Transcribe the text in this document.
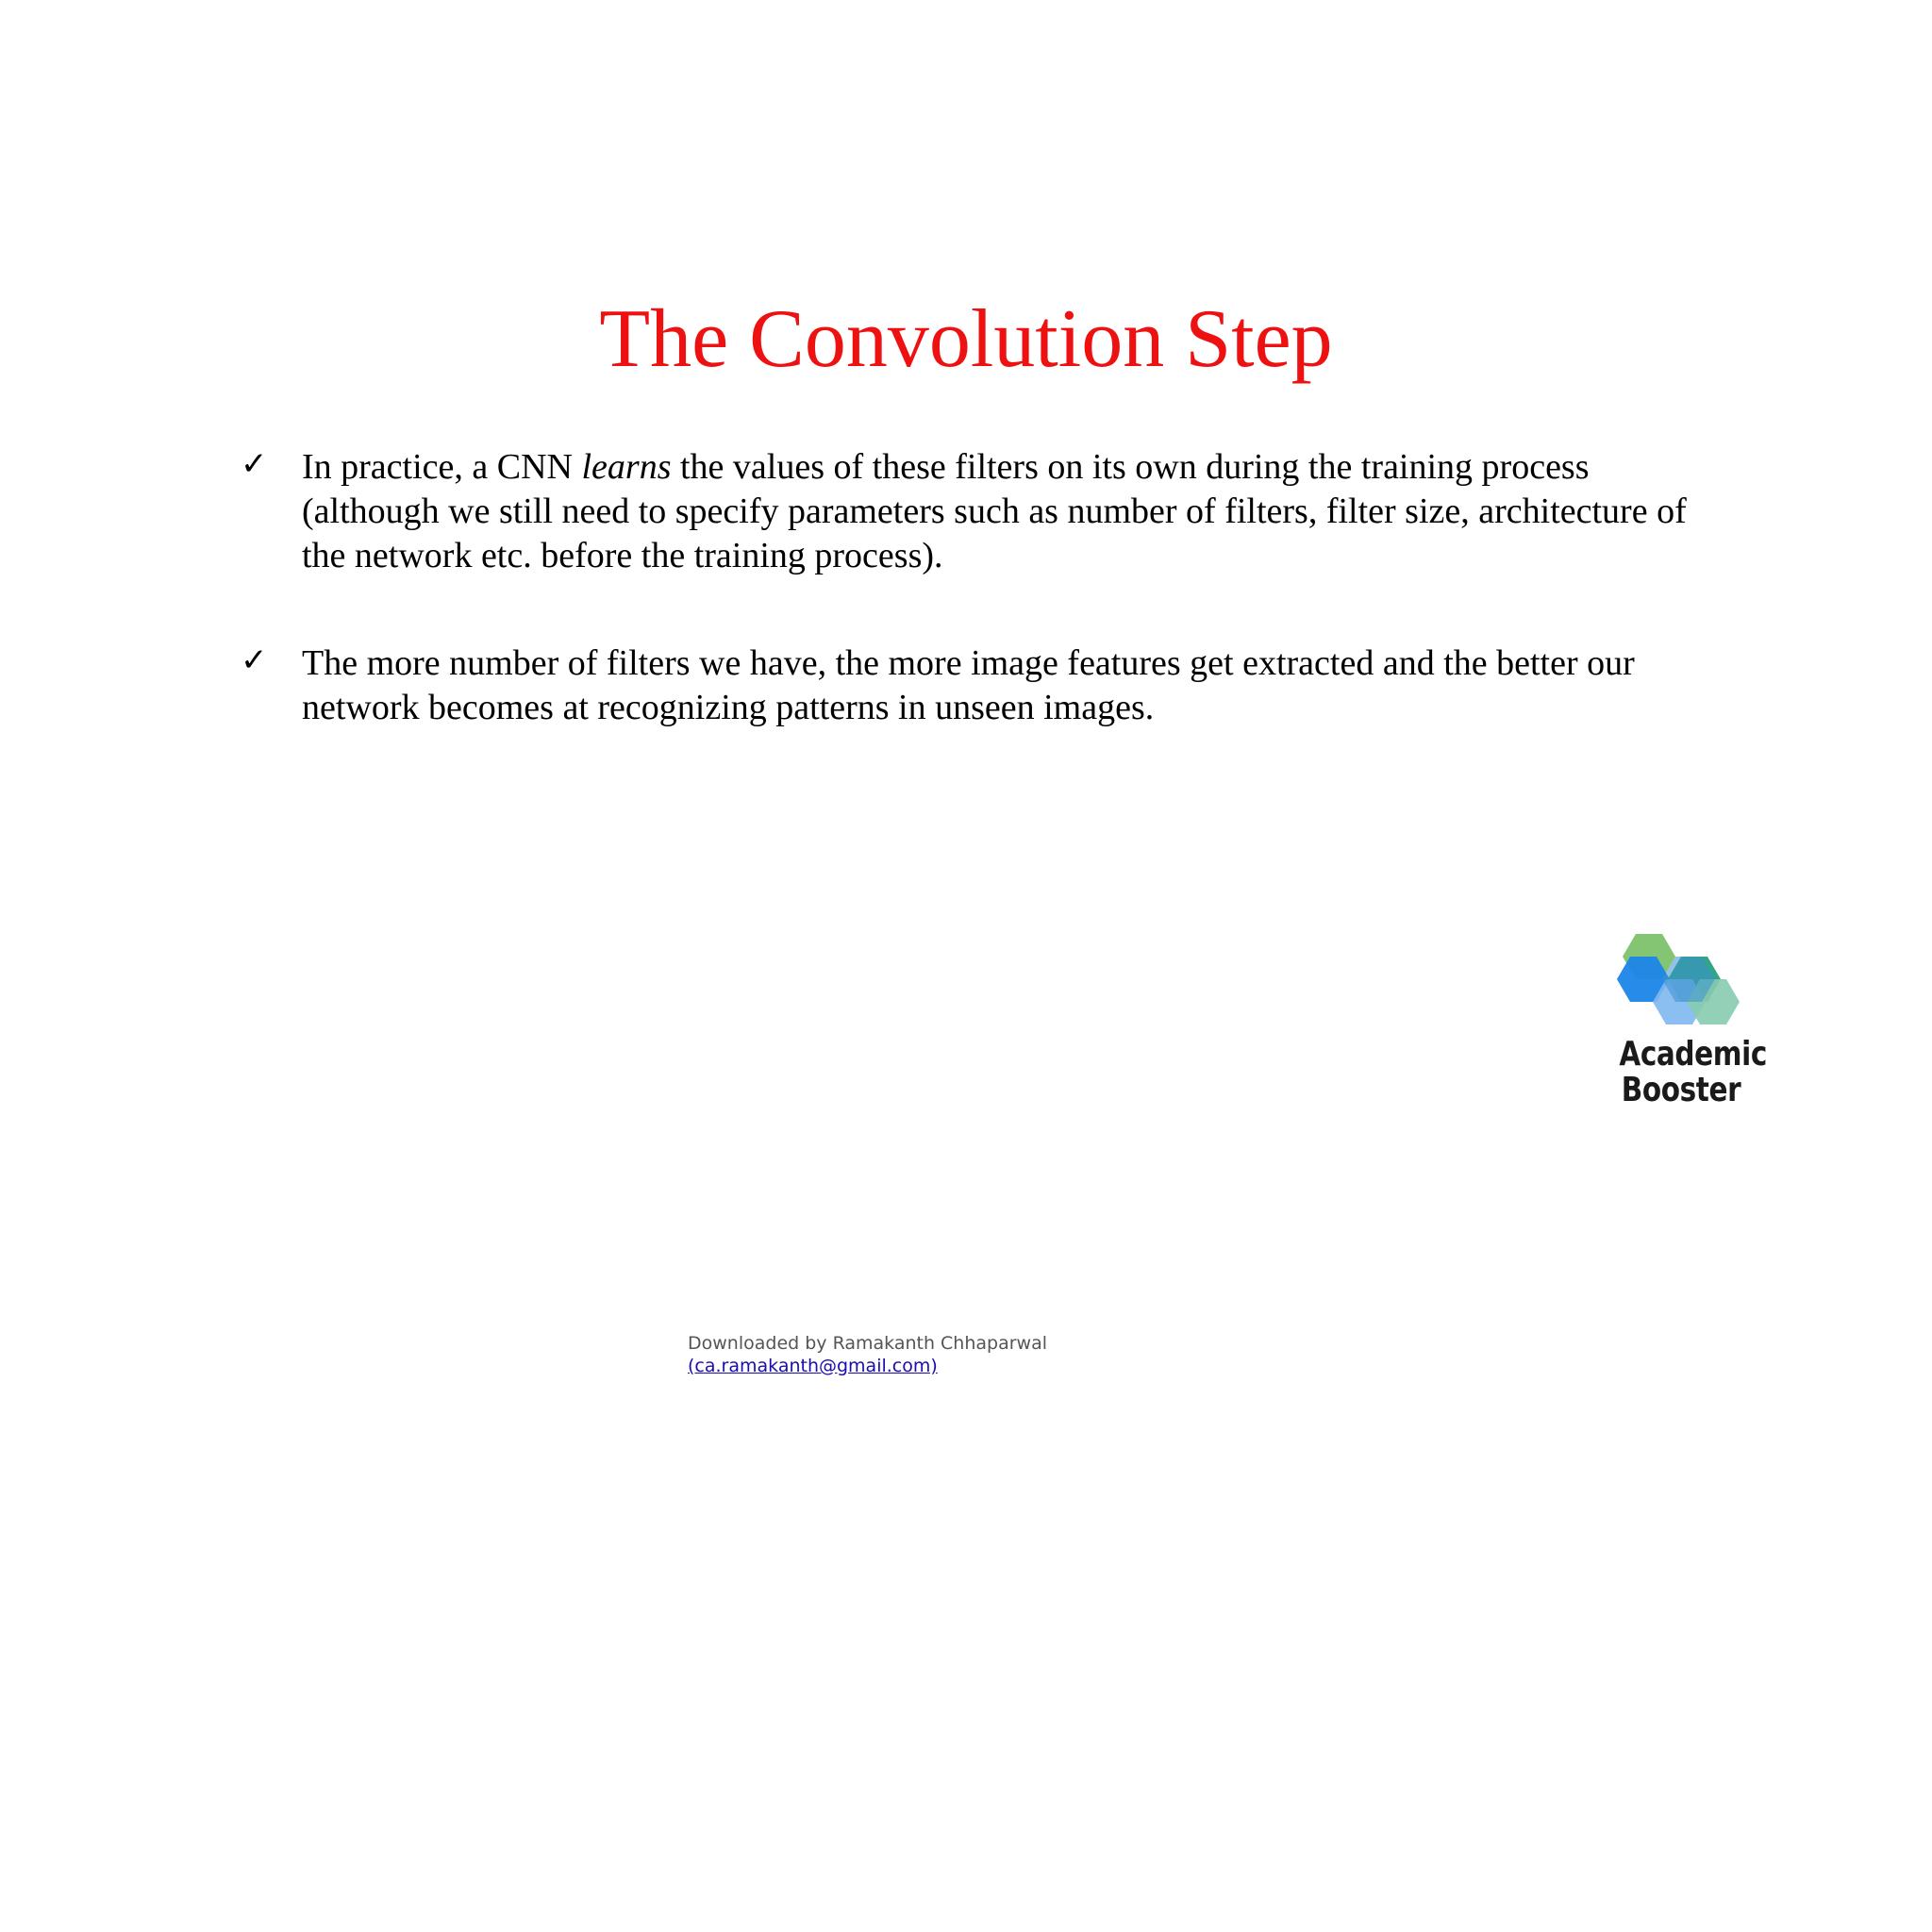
The Convolution Step
✓ In practice, a CNN learns the values of these filters on its own during the training process (although we still need to specify parameters such as number of filters, filter size, architecture of the network etc. before the training process).
✓ The more number of filters we have, the more image features get extracted and the better our network becomes at recognizing patterns in unseen images.
Academic
Booster
Downloaded by Ramakanth Chhaparwal
(ca.ramakanth@gmail.com)
